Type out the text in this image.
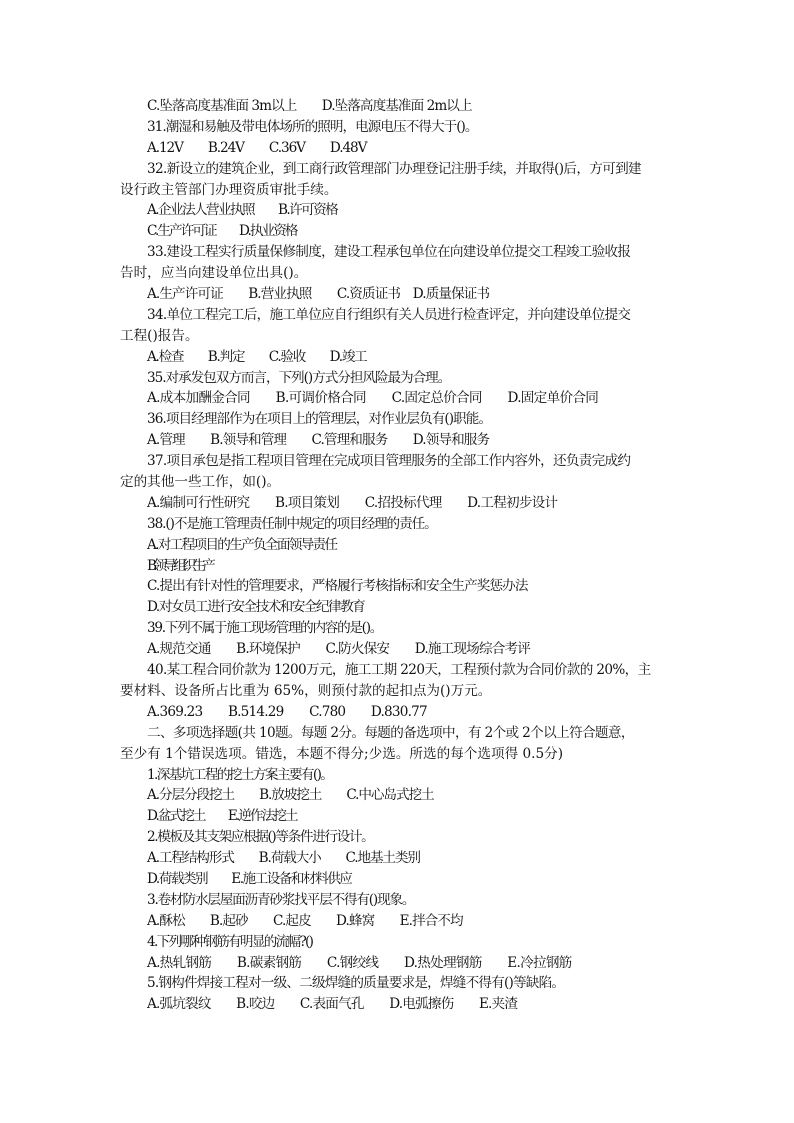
C.坠落高度基准面 3m以上　　D.坠落高度基准面 2m以上
31.潮湿和易触及带电体场所的照明，电源电压不得大于()。
A.12V　　B.24V　　C.36V　　D.48V
32.新设立的建筑企业，到工商行政管理部门办理登记注册手续，并取得()后，方可到建
设行政主管部门办理资质审批手续。
A.企业法人营业执照　　B.许可资格
C.生产许可证　　D.执业资格
33.建设工程实行质量保修制度，建设工程承包单位在向建设单位提交工程竣工验收报
告时，应当向建设单位出具()。
A.生产许可证　　B.营业执照　　C.资质证书　D.质量保证书
34.单位工程完工后，施工单位应自行组织有关人员进行检查评定，并向建设单位提交
工程()报告。
A.检查　　B.判定　　C.验收　　D.竣工
35.对承发包双方而言，下列()方式分担风险最为合理。
A.成本加酬金合同　　B.可调价格合同　　C.固定总价合同　　D.固定单价合同
36.项目经理部作为在项目上的管理层，对作业层负有()职能。
A.管理　　B.领导和管理　　C.管理和服务　　D.领导和服务
37.项目承包是指工程项目管理在完成项目管理服务的全部工作内容外，还负责完成约
定的其他一些工作，如()。
A.编制可行性研究　　B.项目策划　　C.招投标代理　　D.工程初步设计
38.()不是施工管理责任制中规定的项目经理的责任。
A.对工程项目的生产负全面领导责任
B.领导组织生产
C.提出有针对性的管理要求，严格履行考核指标和安全生产奖惩办法
D.对女员工进行安全技术和安全纪律教育
39.下列不属于施工现场管理的内容的是()。
A.规范交通　　B.环境保护　　C.防火保安　　D.施工现场综合考评
40.某工程合同价款为 1200万元，施工工期 220天，工程预付款为合同价款的 20%，主
要材料、设备所占比重为 65%，则预付款的起扣点为()万元。
A.369.23　　B.514.29　　C.780　　D.830.77
二、多项选择题(共 10题。每题 2分。每题的备选项中，有 2个或 2个以上符合题意，
至少有 1个错误选项。错选，本题不得分;少选。所选的每个选项得 0.5分)
1.深基坑工程的挖土方案主要有()。
A.分层分段挖土　　B.放坡挖土　　C.中心岛式挖土
D.盆式挖土　　E.逆作法挖土
2.模板及其支架应根据()等条件进行设计。
A.工程结构形式　　B.荷载大小　　C.地基土类别
D.荷载类别　　E.施工设备和材料供应
3.卷材防水层屋面沥青砂浆找平层不得有()现象。
A.酥松　　B.起砂　　C.起皮　　D.蜂窝　　E.拌合不均
4.下列哪种钢筋有明显的流幅?()
A.热轧钢筋　　B.碳素钢筋　　C.钢绞线　　D.热处理钢筋　　E.冷拉钢筋
5.钢构件焊接工程对一级、二级焊缝的质量要求是，焊缝不得有()等缺陷。
A.弧坑裂纹　　B.咬边　　C.表面气孔　　D.电弧擦伤　　E.夹渣
